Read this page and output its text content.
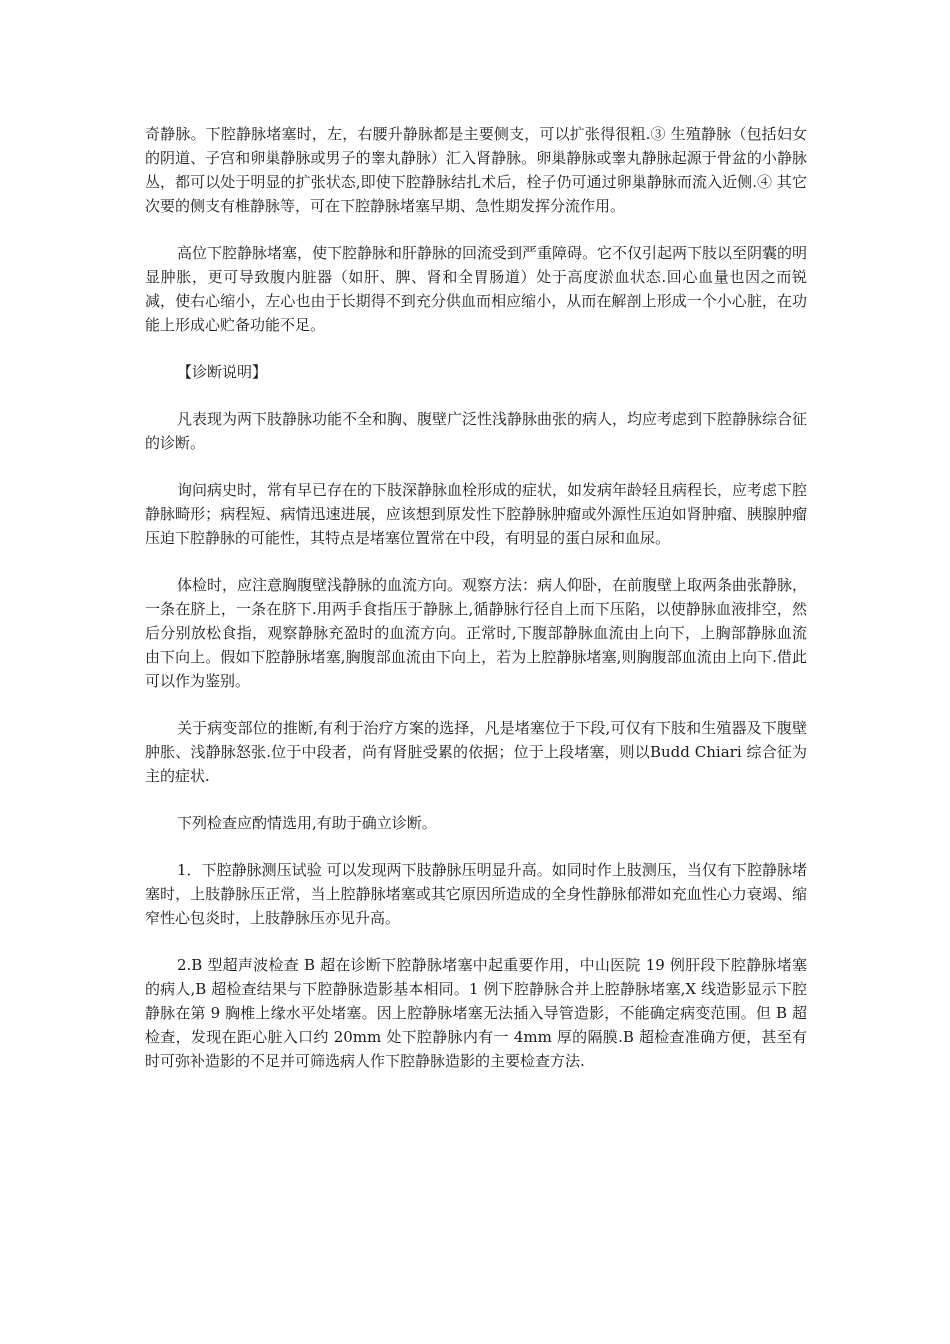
奇静脉。下腔静脉堵塞时，左，右腰升静脉都是主要侧支，可以扩张得很粗.③ 生殖静脉（包括妇女的阴道、子宫和卵巢静脉或男子的睾丸静脉）汇入肾静脉。卵巢静脉或睾丸静脉起源于骨盆的小静脉丛，都可以处于明显的扩张状态,即使下腔静脉结扎术后，栓子仍可通过卵巢静脉而流入近侧.④ 其它次要的侧支有椎静脉等，可在下腔静脉堵塞早期、急性期发挥分流作用。

高位下腔静脉堵塞，使下腔静脉和肝静脉的回流受到严重障碍。它不仅引起两下肢以至阴囊的明显肿胀，更可导致腹内脏器（如肝、脾、肾和全胃肠道）处于高度淤血状态.回心血量也因之而锐减，使右心缩小，左心也由于长期得不到充分供血而相应缩小，从而在解剖上形成一个小心脏，在功能上形成心贮备功能不足。

【诊断说明】

凡表现为两下肢静脉功能不全和胸、腹壁广泛性浅静脉曲张的病人，均应考虑到下腔静脉综合征的诊断。

询问病史时，常有早已存在的下肢深静脉血栓形成的症状，如发病年龄轻且病程长，应考虑下腔静脉畸形；病程短、病情迅速进展，应该想到原发性下腔静脉肿瘤或外源性压迫如肾肿瘤、胰腺肿瘤压迫下腔静脉的可能性，其特点是堵塞位置常在中段，有明显的蛋白尿和血尿。

体检时，应注意胸腹壁浅静脉的血流方向。观察方法：病人仰卧，在前腹壁上取两条曲张静脉，一条在脐上，一条在脐下.用两手食指压于静脉上,循静脉行径自上而下压陷，以使静脉血液排空，然后分别放松食指，观察静脉充盈时的血流方向。正常时,下腹部静脉血流由上向下，上胸部静脉血流由下向上。假如下腔静脉堵塞,胸腹部血流由下向上，若为上腔静脉堵塞,则胸腹部血流由上向下.借此可以作为鉴别。

关于病变部位的推断,有利于治疗方案的选择，凡是堵塞位于下段,可仅有下肢和生殖器及下腹壁肿胀、浅静脉怒张.位于中段者，尚有肾脏受累的依据；位于上段堵塞，则以Budd Chiari 综合征为主的症状.

下列检查应酌情选用,有助于确立诊断。

1．下腔静脉测压试验 可以发现两下肢静脉压明显升高。如同时作上肢测压，当仅有下腔静脉堵塞时，上肢静脉压正常，当上腔静脉堵塞或其它原因所造成的全身性静脉郁滞如充血性心力衰竭、缩窄性心包炎时，上肢静脉压亦见升高。

2.B 型超声波检查 B 超在诊断下腔静脉堵塞中起重要作用，中山医院 19 例肝段下腔静脉堵塞的病人,B 超检查结果与下腔静脉造影基本相同。1 例下腔静脉合并上腔静脉堵塞,X 线造影显示下腔静脉在第 9 胸椎上缘水平处堵塞。因上腔静脉堵塞无法插入导管造影，不能确定病变范围。但 B 超检查，发现在距心脏入口约 20mm 处下腔静脉内有一 4mm 厚的隔膜.B 超检查准确方便，甚至有时可弥补造影的不足并可筛选病人作下腔静脉造影的主要检查方法.
